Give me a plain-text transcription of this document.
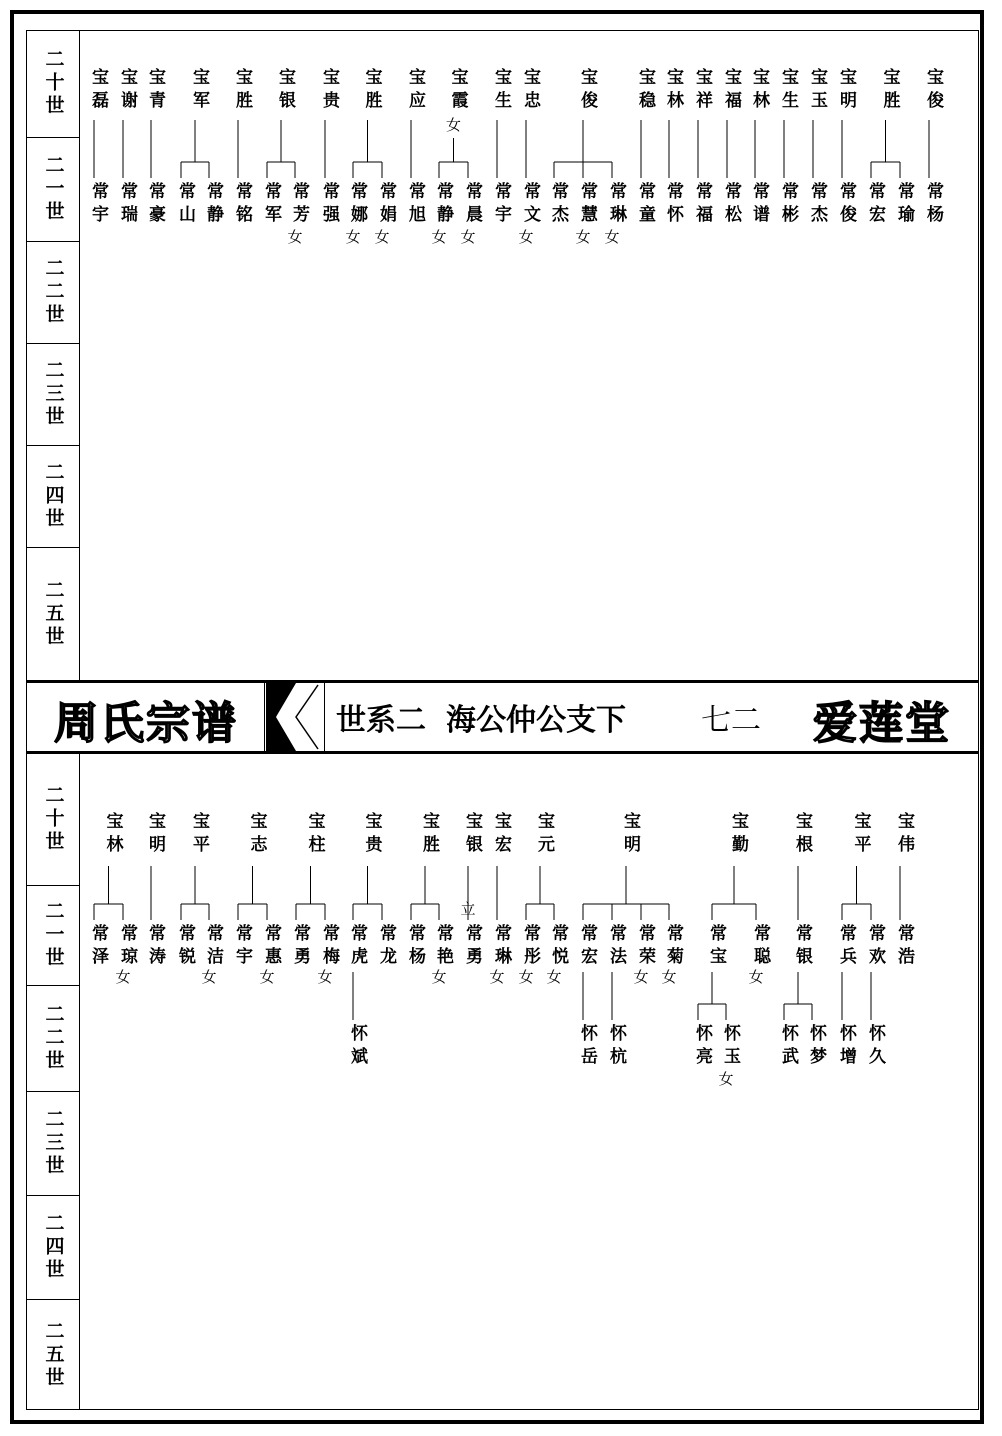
二十世
二一世
二二世
二三世
二四世
二五世
二十世
二一世
二二世
二三世
二四世
二五世
周氏宗谱	世系二 海公仲公支下	七二 爱莲堂
宝磊
常宇
宝谢
常瑞
宝青
常豪
宝军
常山 常静
宝胜
常铭
宝银
常军 常芳
女
宝贵
常强
宝胜
常娜
女
常娟
女
宝应
常旭
宝霞
女
常静
女
常晨
女
宝生
常宇
宝忠
常文
女
宝俊
常杰 常慧
女
常琳
女
宝稳
常童
宝林
常怀
宝祥
常福
宝福
常松
宝林
常谱
宝生
常彬
宝玉
常杰
宝明
常俊
宝胜
常宏 常瑜
宝俊
常杨
宝林
常泽 常琼
女
宝明
常涛
宝平
常锐 常洁
女
宝志
常宇 常惠
女
宝柱
常勇 常梅
女
宝贵
常虎
怀斌
常龙
宝胜
常杨 常艳
女
宝银
常勇
立
宝宏
常琳
女
宝元
常彤
女
常悦
女
宝明
常宏
怀岳
常法
怀杭
常荣
女
常菊
女
宝勤
常宝
怀亮 怀玉
女
常聪
女
宝根
常银
怀武 怀梦
宝平
常兵
怀增
常欢
怀久
宝伟
常浩
